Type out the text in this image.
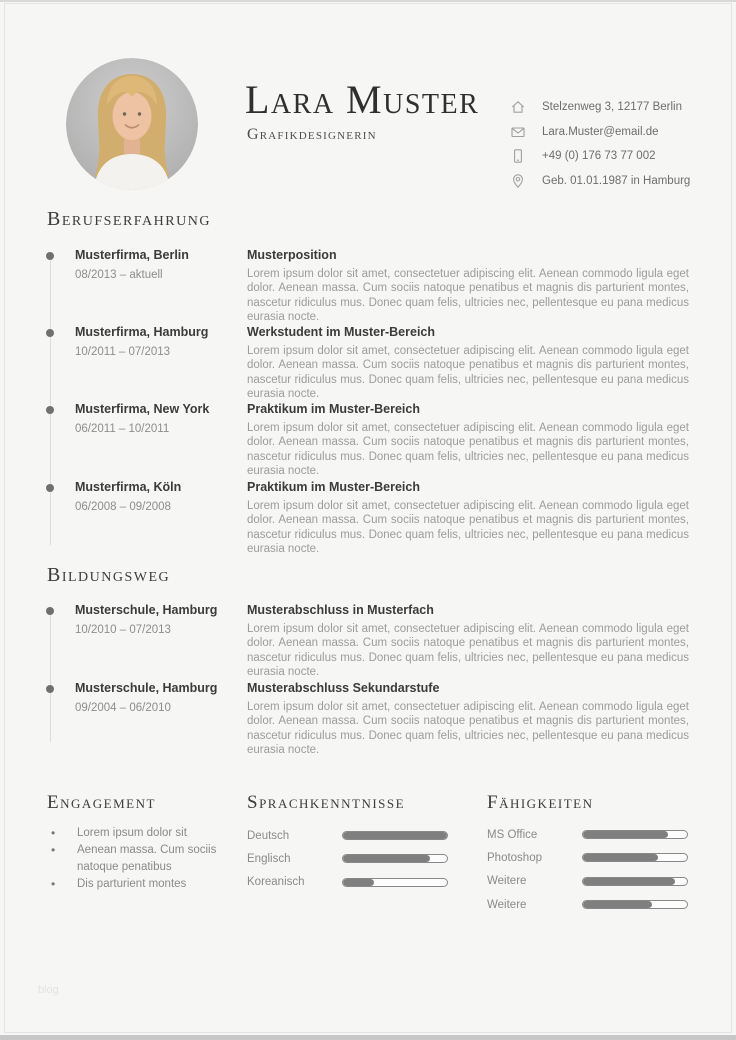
Lara Muster
Grafikdesignerin
Stelzenweg 3, 12177 Berlin
Lara.Muster@email.de
+49 (0) 176 73 77 002
Geb. 01.01.1987 in Hamburg
Berufserfahrung
Musterfirma, Berlin
08/2013 – aktuell
Musterposition
Lorem ipsum dolor sit amet, consectetuer adipiscing elit. Aenean commodo ligula eget dolor. Aenean massa. Cum sociis natoque penatibus et magnis dis parturient montes, nascetur ridiculus mus. Donec quam felis, ultricies nec, pellentesque eu pana medicus eurasia nocte.
Musterfirma, Hamburg
10/2011 – 07/2013
Werkstudent im Muster-Bereich
Lorem ipsum dolor sit amet, consectetuer adipiscing elit. Aenean commodo ligula eget dolor. Aenean massa. Cum sociis natoque penatibus et magnis dis parturient montes, nascetur ridiculus mus. Donec quam felis, ultricies nec, pellentesque eu pana medicus eurasia nocte.
Musterfirma, New York
06/2011 – 10/2011
Praktikum im Muster-Bereich
Lorem ipsum dolor sit amet, consectetuer adipiscing elit. Aenean commodo ligula eget dolor. Aenean massa. Cum sociis natoque penatibus et magnis dis parturient montes, nascetur ridiculus mus. Donec quam felis, ultricies nec, pellentesque eu pana medicus eurasia nocte.
Musterfirma, Köln
06/2008 – 09/2008
Praktikum im Muster-Bereich
Lorem ipsum dolor sit amet, consectetuer adipiscing elit. Aenean commodo ligula eget dolor. Aenean massa. Cum sociis natoque penatibus et magnis dis parturient montes, nascetur ridiculus mus. Donec quam felis, ultricies nec, pellentesque eu pana medicus eurasia nocte.
Bildungsweg
Musterschule, Hamburg
10/2010 – 07/2013
Musterabschluss in Musterfach
Lorem ipsum dolor sit amet, consectetuer adipiscing elit. Aenean commodo ligula eget dolor. Aenean massa. Cum sociis natoque penatibus et magnis dis parturient montes, nascetur ridiculus mus. Donec quam felis, ultricies nec, pellentesque eu pana medicus eurasia nocte.
Musterschule, Hamburg
09/2004 – 06/2010
Musterabschluss Sekundarstufe
Lorem ipsum dolor sit amet, consectetuer adipiscing elit. Aenean commodo ligula eget dolor. Aenean massa. Cum sociis natoque penatibus et magnis dis parturient montes, nascetur ridiculus mus. Donec quam felis, ultricies nec, pellentesque eu pana medicus eurasia nocte.
Engagement	Sprachkenntnisse	Fähigkeiten
•	Lorem ipsum dolor sit
•	Aenean massa. Cum sociis natoque penatibus
•	Dis parturient montes
Deutsch
Englisch
Koreanisch
MS Office
Photoshop
Weitere
Weitere
blog
